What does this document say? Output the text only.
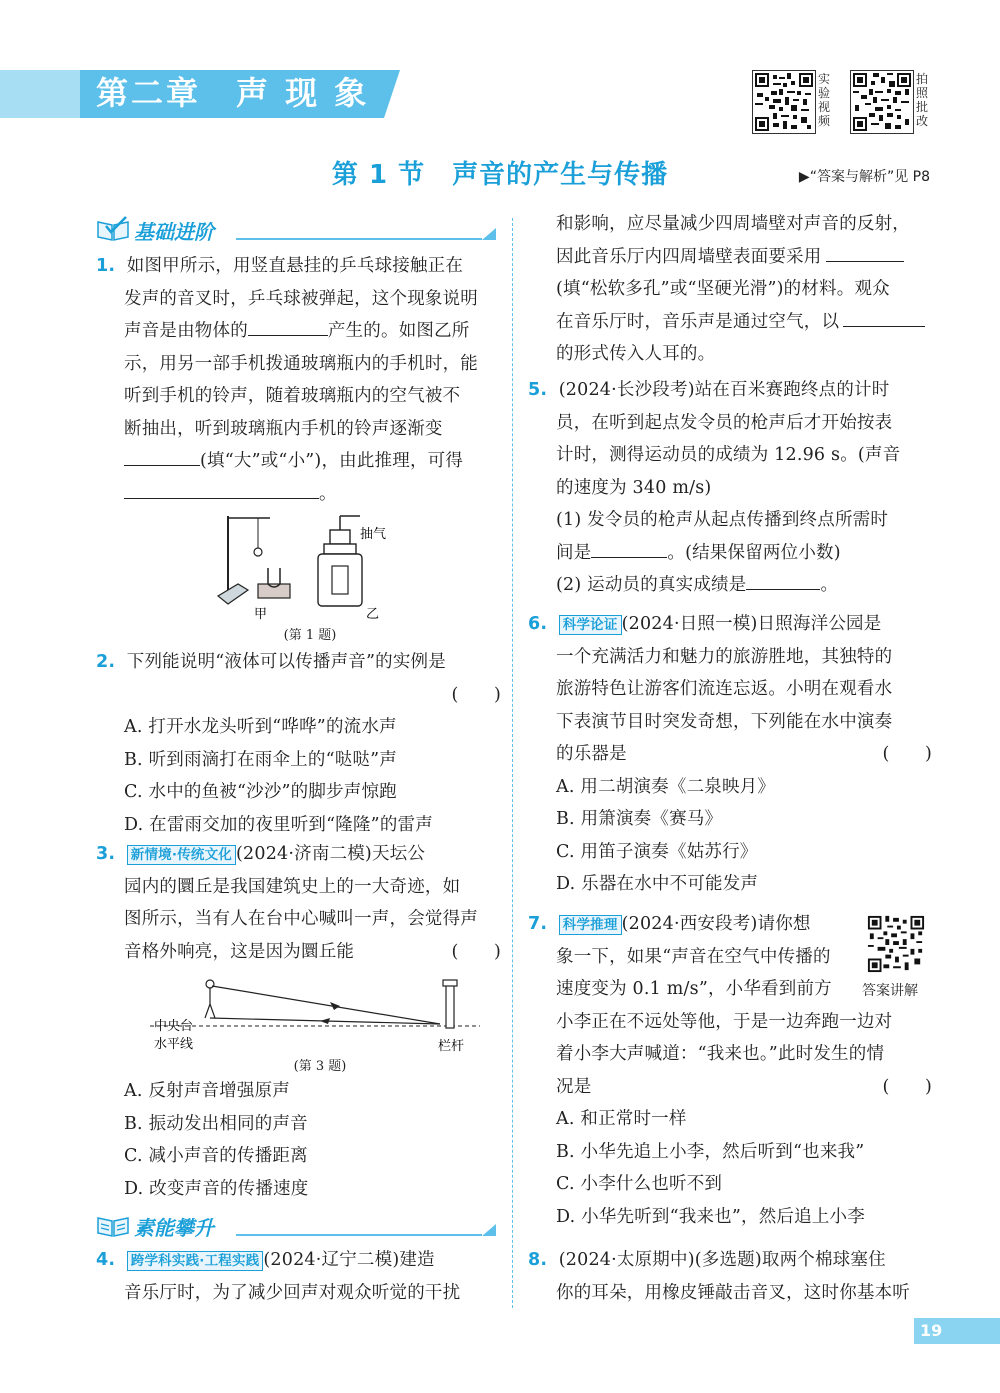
第二章　声 现 象	实验视频
拍照批改
第 1 节　声音的产生与传播	▶“答案与解析”见 P8
基础进阶
1. 如图甲所示，用竖直悬挂的乒乓球接触正在
发声的音叉时，乒乓球被弹起，这个现象说明
声音是由物体的	产生的。如图乙所
示，用另一部手机拨通玻璃瓶内的手机时，能
听到手机的铃声，随着玻璃瓶内的空气被不
断抽出，听到玻璃瓶内手机的铃声逐渐变
(填“大”或“小”)，由此推理，可得
。
甲
抽气
乙
(第 1 题)
2. 下列能说明“液体可以传播声音”的实例是
(　　)
A. 打开水龙头听到“哗哗”的流水声
B. 听到雨滴打在雨伞上的“哒哒”声
C. 水中的鱼被“沙沙”的脚步声惊跑
D. 在雷雨交加的夜里听到“隆隆”的雷声
3. 新情境·传统文化 (2024·济南二模)天坛公
园内的圜丘是我国建筑史上的一大奇迹，如
图所示，当有人在台中心喊叫一声，会觉得声
音格外响亮，这是因为圜丘能	(　　)
中央台
水平线	栏杆
(第 3 题)
A. 反射声音增强原声
B. 振动发出相同的声音
C. 减小声音的传播距离
D. 改变声音的传播速度
素能攀升
4. 跨学科实践·工程实践 (2024·辽宁二模)建造
音乐厅时，为了减少回声对观众听觉的干扰
和影响，应尽量减少四周墙壁对声音的反射，
因此音乐厅内四周墙壁表面要采用
(填“松软多孔”或“坚硬光滑”)的材料。观众
在音乐厅时，音乐声是通过空气，以
的形式传入人耳的。
5. (2024·长沙段考)站在百米赛跑终点的计时
员，在听到起点发令员的枪声后才开始按表
计时，测得运动员的成绩为 12.96 s。(声音
的速度为 340 m/s)
(1) 发令员的枪声从起点传播到终点所需时
间是	。(结果保留两位小数)
(2) 运动员的真实成绩是	。
6. 科学论证 (2024·日照一模)日照海洋公园是
一个充满活力和魅力的旅游胜地，其独特的
旅游特色让游客们流连忘返。小明在观看水
下表演节目时突发奇想，下列能在水中演奏
的乐器是	(　　)
A. 用二胡演奏《二泉映月》
B. 用箫演奏《赛马》
C. 用笛子演奏《姑苏行》
D. 乐器在水中不可能发声
7. 科学推理 (2024·西安段考)请你想
象一下，如果“声音在空气中传播的
速度变为 0.1 m/s”，小华看到前方
小李正在不远处等他，于是一边奔跑一边对
着小李大声喊道：“我来也。”此时发生的情
况是	(　　)
A. 和正常时一样
B. 小华先追上小李，然后听到“也来我”
C. 小李什么也听不到
D. 小华先听到“我来也”，然后追上小李
答案讲解
8. (2024·太原期中)(多选题)取两个棉球塞住
你的耳朵，用橡皮锤敲击音叉，这时你基本听
19
